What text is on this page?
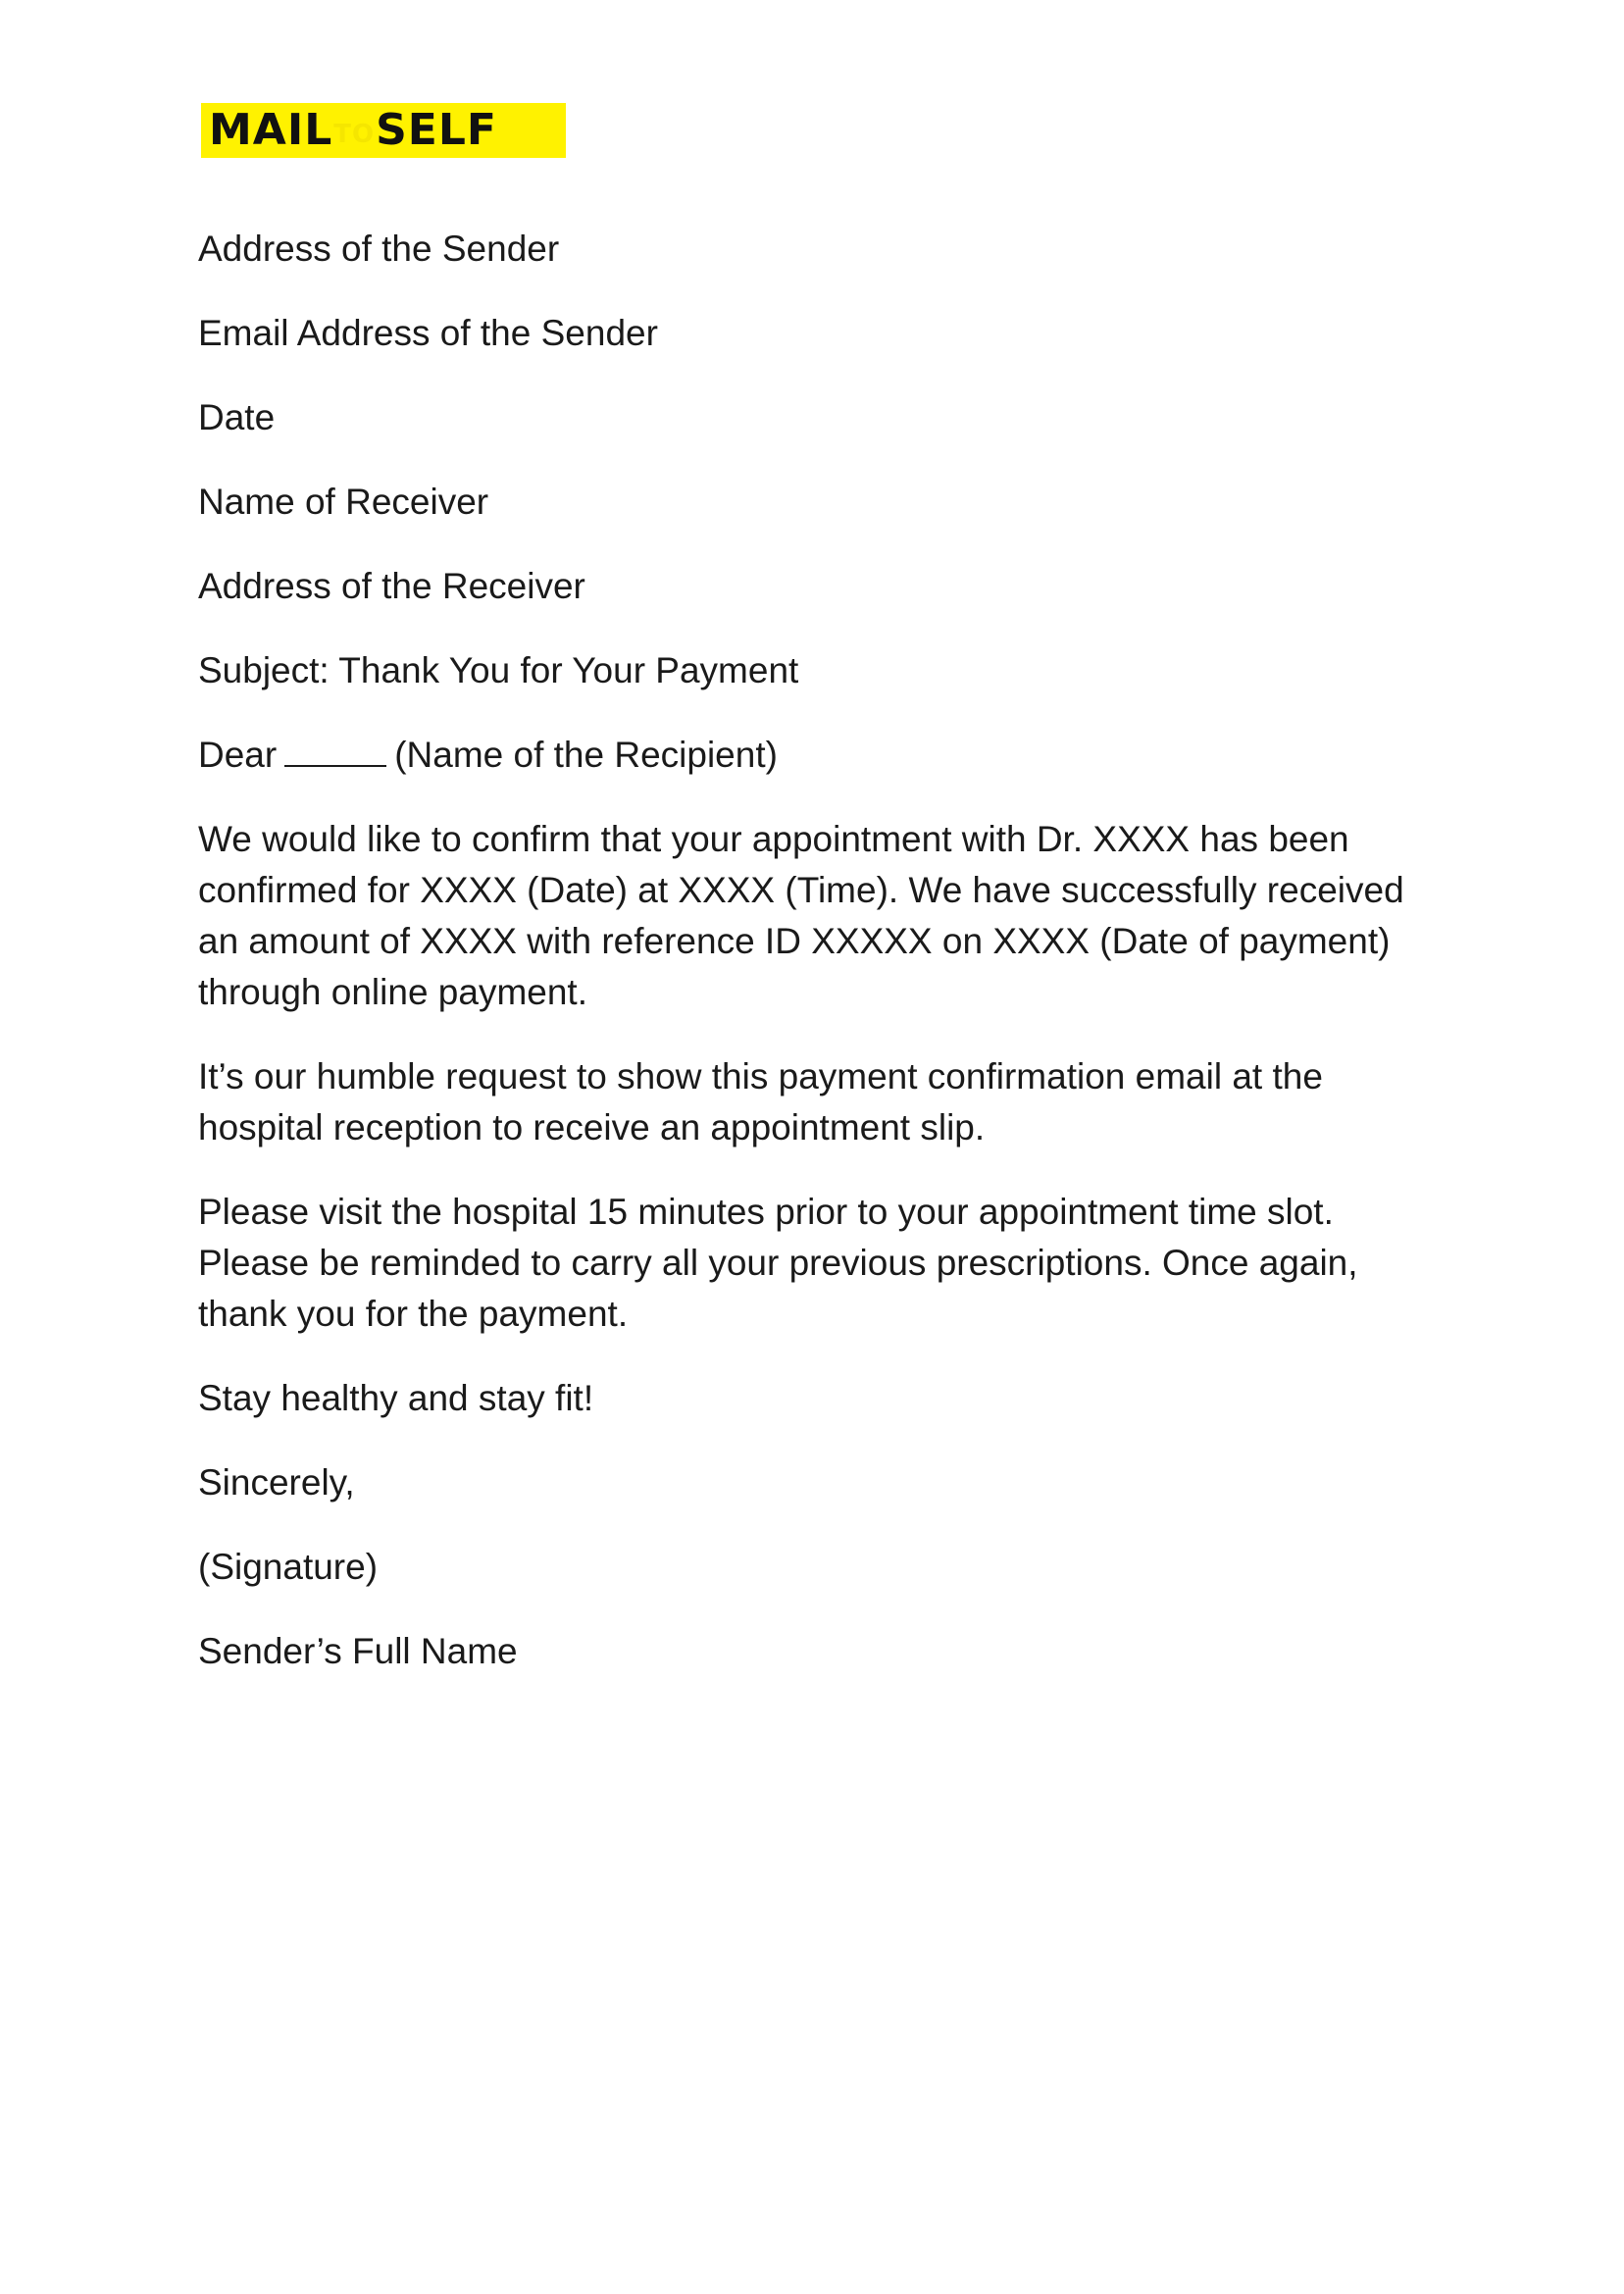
MAIL TO SELF
Address of the Sender
Email Address of the Sender
Date
Name of Receiver
Address of the Receiver
Subject: Thank You for Your Payment
Dear	(Name of the Recipient)
We would like to confirm that your appointment with Dr. XXXX has been confirmed for XXXX (Date) at XXXX (Time). We have successfully received an amount of XXXX with reference ID XXXXX on XXXX (Date of payment) through online payment.
It’s our humble request to show this payment confirmation email at the hospital reception to receive an appointment slip.
Please visit the hospital 15 minutes prior to your appointment time slot. Please be reminded to carry all your previous prescriptions. Once again, thank you for the payment.
Stay healthy and stay fit!
Sincerely,
(Signature)
Sender’s Full Name
